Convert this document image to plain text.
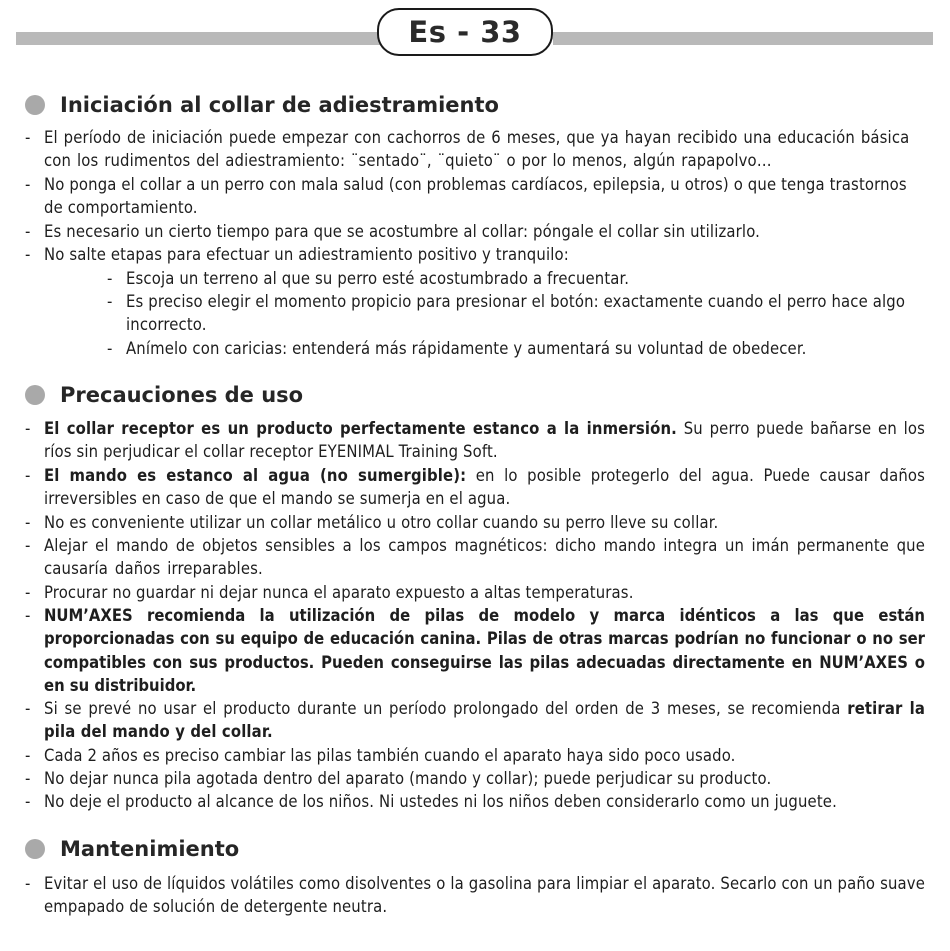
Es - 33
Iniciación al collar de adiestramiento
- El período de iniciación puede empezar con cachorros de 6 meses, que ya hayan recibido una educación básica con los rudimentos del adiestramiento: ¨sentado¨, ¨quieto¨ o por lo menos, algún rapapolvo…
- No ponga el collar a un perro con mala salud (con problemas cardíacos, epilepsia, u otros) o que tenga trastornos de comportamiento.
- Es necesario un cierto tiempo para que se acostumbre al collar: póngale el collar sin utilizarlo.
- No salte etapas para efectuar un adiestramiento positivo y tranquilo:
- Escoja un terreno al que su perro esté acostumbrado a frecuentar.
- Es preciso elegir el momento propicio para presionar el botón: exactamente cuando el perro hace algo incorrecto.
- Anímelo con caricias: entenderá más rápidamente y aumentará su voluntad de obedecer.
Precauciones de uso
- El collar receptor es un producto perfectamente estanco a la inmersión. Su perro puede bañarse en los ríos sin perjudicar el collar receptor EYENIMAL Training Soft.
- El mando es estanco al agua (no sumergible): en lo posible protegerlo del agua. Puede causar daños irreversibles en caso de que el mando se sumerja en el agua.
- No es conveniente utilizar un collar metálico u otro collar cuando su perro lleve su collar.
- Alejar el mando de objetos sensibles a los campos magnéticos: dicho mando integra un imán permanente que causaría daños irreparables.
- Procurar no guardar ni dejar nunca el aparato expuesto a altas temperaturas.
- NUM’AXES recomienda la utilización de pilas de modelo y marca idénticos a las que están proporcionadas con su equipo de educación canina. Pilas de otras marcas podrían no funcionar o no ser compatibles con sus productos. Pueden conseguirse las pilas adecuadas directamente en NUM’AXES o en su distribuidor.
- Si se prevé no usar el producto durante un período prolongado del orden de 3 meses, se recomienda retirar la pila del mando y del collar.
- Cada 2 años es preciso cambiar las pilas también cuando el aparato haya sido poco usado.
- No dejar nunca pila agotada dentro del aparato (mando y collar); puede perjudicar su producto.
- No deje el producto al alcance de los niños. Ni ustedes ni los niños deben considerarlo como un juguete.
Mantenimiento
- Evitar el uso de líquidos volátiles como disolventes o la gasolina para limpiar el aparato. Secarlo con un paño suave empapado de solución de detergente neutra.
